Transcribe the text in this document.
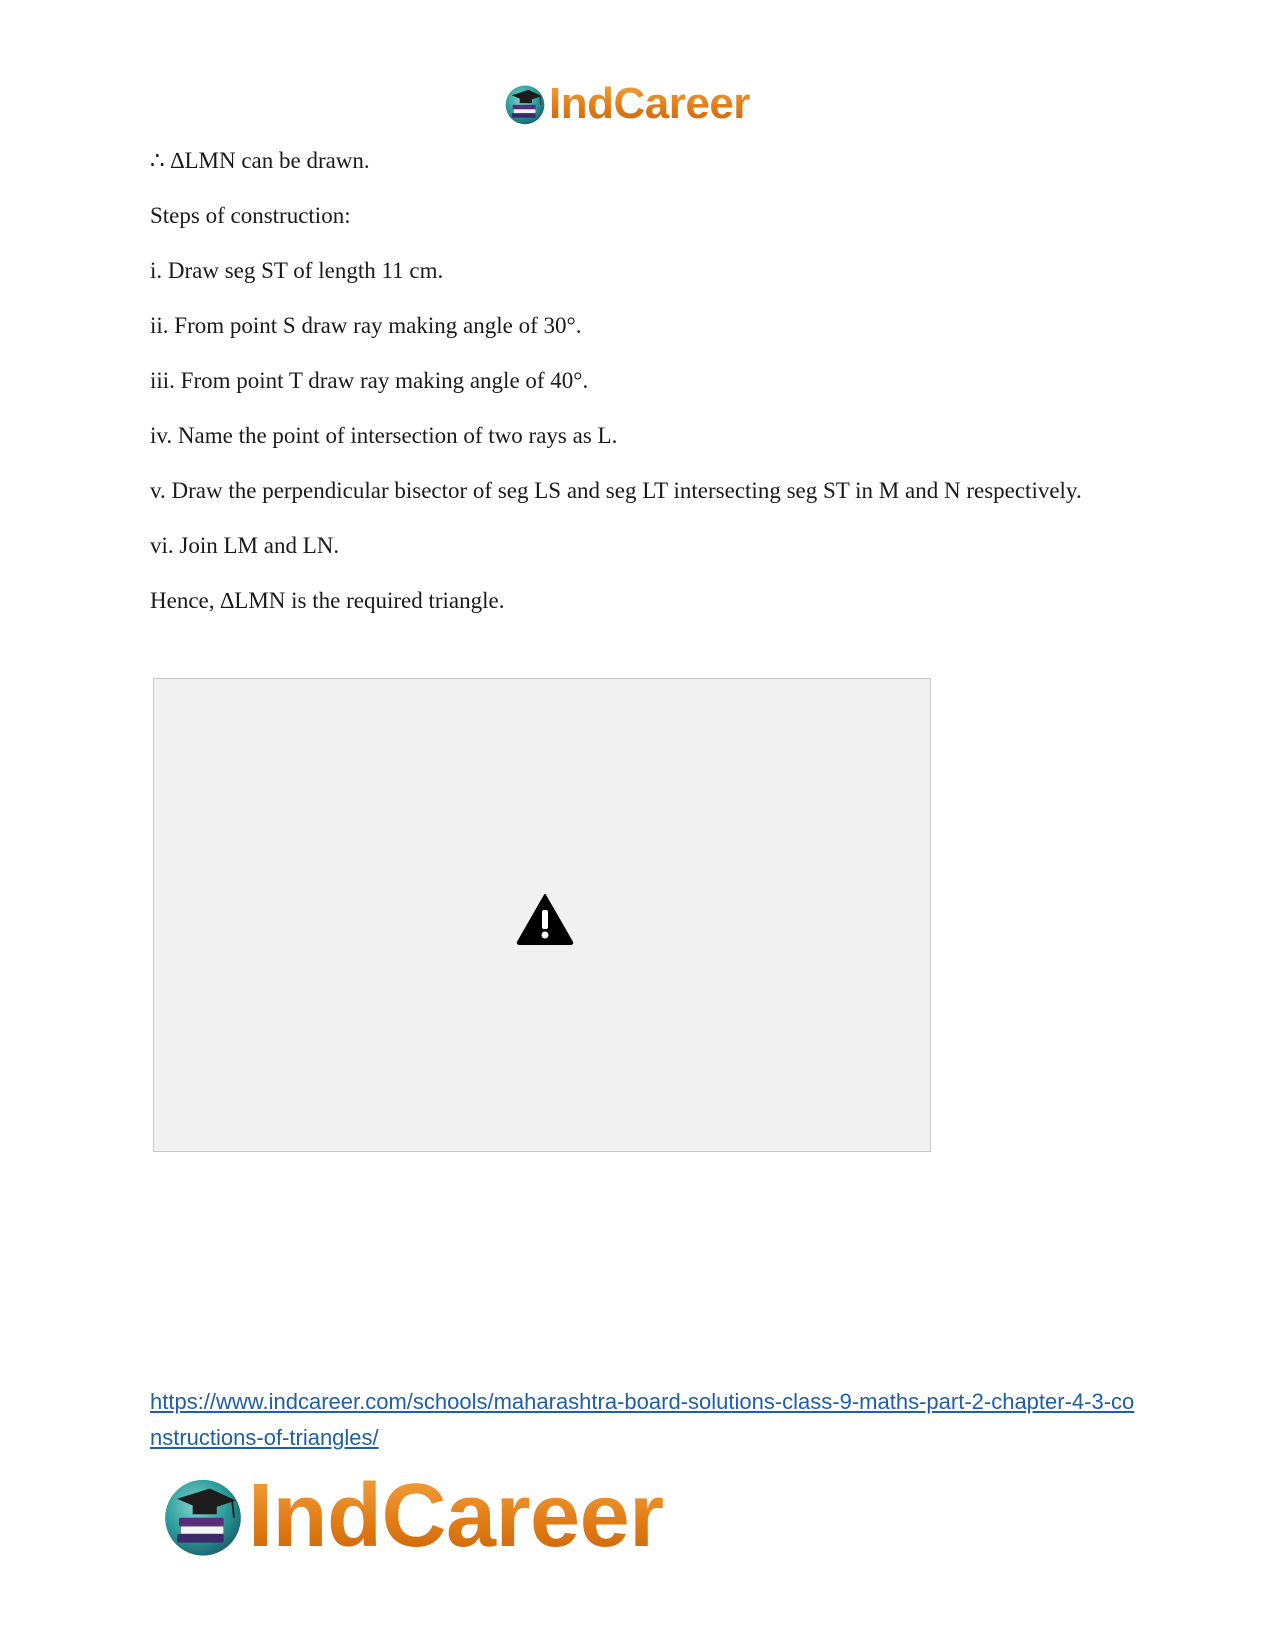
IndCareer

∴ ∆LMN can be drawn.

Steps of construction:

i. Draw seg ST of length 11 cm.

ii. From point S draw ray making angle of 30°.

iii. From point T draw ray making angle of 40°.

iv. Name the point of intersection of two rays as L.

v. Draw the perpendicular bisector of seg LS and seg LT intersecting seg ST in M and N respectively.

vi. Join LM and LN.

Hence, ∆LMN is the required triangle.

https://www.indcareer.com/schools/maharashtra-board-solutions-class-9-maths-part-2-chapter-4-3-constructions-of-triangles/
IndCareer
